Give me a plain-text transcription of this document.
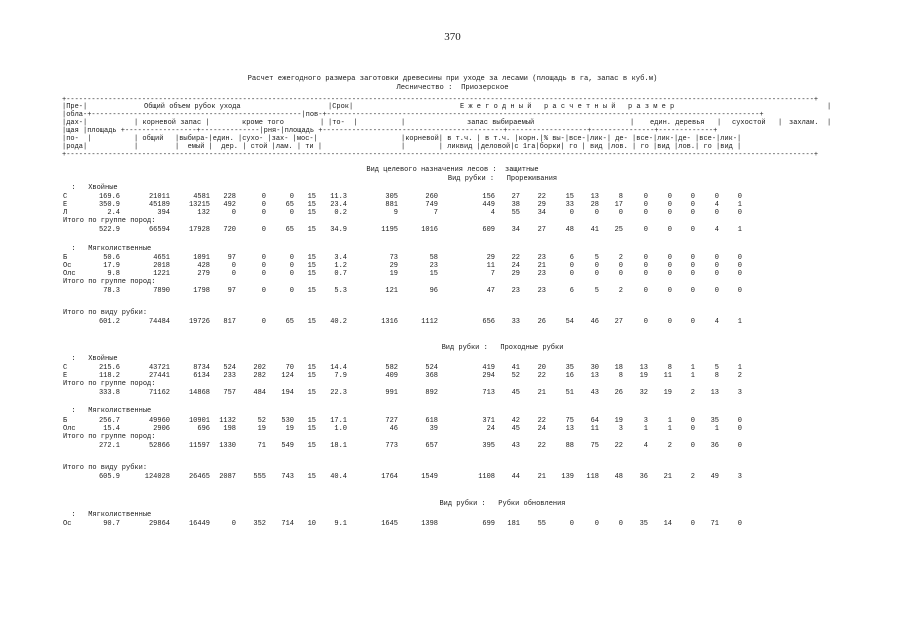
370
Расчет ежегодного размера заготовки древесины при уходе за лесами (площадь в га, запас в куб.м)
Лесничество :  Приозерское
+----------------------------------------------------------------------------------------------------------------------------------------------------------------------------------+
|Пре-|	Общий объем рубок ухода	|Срок|	Е ж е г о д н ы й   р а с ч е т н ы й   р а з м е р	|
|обла-+--------------------------------------------------|пов-+-------------------------------------------------------------------------------------------------------+
|дах-|	| корневой запас |	кроме того	| |то-  |	|	запас выбираемый	| един. деревья | сухостой | захлам. |
|щая |площадь +-----------------+--------------|рня-|площадь +-------------------------------------------+-------------------+---------------+-------------+
|по-  |	| общий |выбира-|един. |сухо- |зах- |мос-|	|корневой| в т.ч. | в т.ч. |корн.|% вы-|все-|лик-| де- |все-|лик-|де- |все-|лик-|
|рода|	|	|  емый |  дер. | стой |лам. | ти |	|        | ликвид |деловой|с 1га|борки| го | вид |лов. | го |вид |лов.| го |вид |
+----------------------------------------------------------------------------------------------------------------------------------------------------------------------------------+
Вид целевого назначения лесов :  защитные
Вид рубки :   Прореживания
:   Хвойные
С	169.6	21011	4581	228	0	0	15	11.3	305	260	156	27	22	15	13	8	0	0	0	0	0
Е	350.9	45189	13215	492	0	65	15	23.4	881	749	449	38	29	33	28	17	0	0	0	4	1
Л	2.4	394	132	0	0	0	15	0.2	9	7	4	55	34	0	0	0	0	0	0	0	0
Итого по группе пород:
522.9	66594	17928	720	0	65	15	34.9	1195	1016	609	34	27	48	41	25	0	0	0	4	1
:   Мягколиственные
Б	50.6	4651	1091	97	0	0	15	3.4	73	58	29	22	23	6	5	2	0	0	0	0	0
Ос	17.9	2018	428	0	0	0	15	1.2	29	23	11	24	21	0	0	0	0	0	0	0	0
Олс	9.8	1221	279	0	0	0	15	0.7	19	15	7	29	23	0	0	0	0	0	0	0	0
Итого по группе пород:
78.3	7890	1798	97	0	0	15	5.3	121	96	47	23	23	6	5	2	0	0	0	0	0
Итого по виду рубки:
601.2	74484	19726	817	0	65	15	40.2	1316	1112	656	33	26	54	46	27	0	0	0	4	1
Вид рубки :   Проходные рубки
:   Хвойные
С	215.6	43721	8734	524	202	70	15	14.4	582	524	419	41	20	35	30	18	13	8	1	5	1
Е	118.2	27441	6134	233	282	124	15	7.9	409	368	294	52	22	16	13	8	19	11	1	8	2
Итого по группе пород:
333.8	71162	14868	757	484	194	15	22.3	991	892	713	45	21	51	43	26	32	19	2	13	3
:   Мягколиственные
Б	256.7	49960	10901	1132	52	530	15	17.1	727	618	371	42	22	75	64	19	3	1	0	35	0
Олс	15.4	2906	696	198	19	19	15	1.0	46	39	24	45	24	13	11	3	1	1	0	1	0
Итого по группе пород:
272.1	52866	11597	1330	71	549	15	18.1	773	657	395	43	22	88	75	22	4	2	0	36	0
Итого по виду рубки:
605.9	124028	26465	2087	555	743	15	40.4	1764	1549	1108	44	21	139	118	48	36	21	2	49	3
Вид рубки :   Рубки обновления
:   Мягколиственные
Ос	90.7	29864	16449	0	352	714	10	9.1	1645	1398	699	181	55	0	0	0	35	14	0	71	0
